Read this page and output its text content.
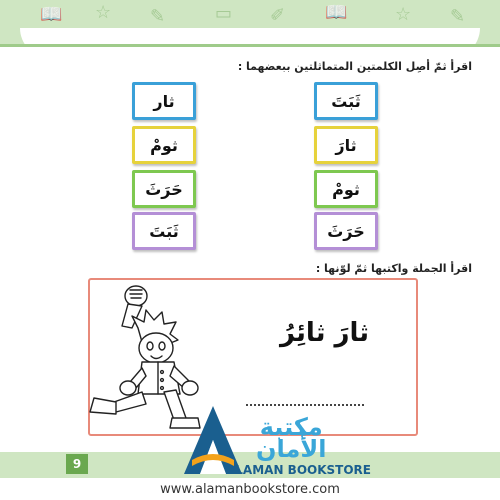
📖 ☆ ✎	▭ ✐ 📖	☆ ✎
اقرأ ثمّ أصِل الكلمتين المتماثلتين ببعضهما :
ثار
ثومْ
حَرَثَ
ثَبَتَ
ثَبَتَ
ثارَ
ثومْ
حَرَثَ
اقرأ الجملة واكتبها ثمّ لوّنها :
ثارَ ثائِرُ
9
مكتبة
الأمان
ALAMAN BOOKSTORE
www.alamanbookstore.com
